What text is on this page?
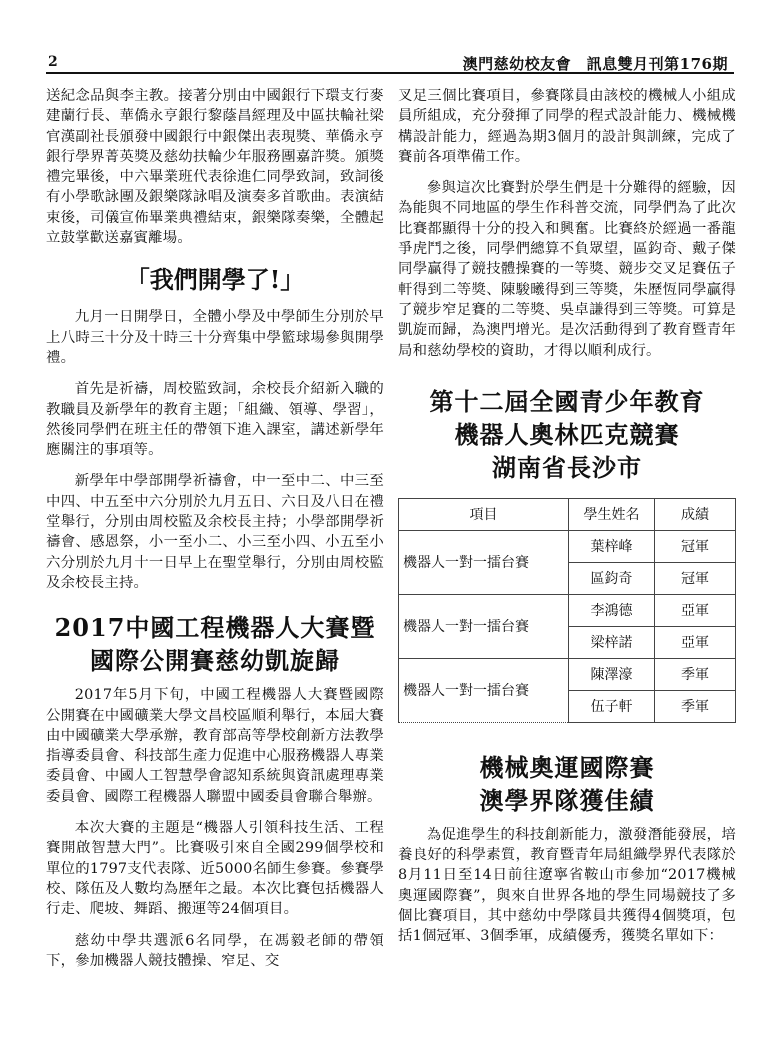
2	澳門慈幼校友會　訊息雙月刊第176期

送紀念品與李主教。接著分別由中國銀行下環支行麥建蘭行長、華僑永亨銀行黎蔭昌經理及中區扶輪社梁官漢副社長頒發中國銀行中銀傑出表現獎、華僑永亨銀行學界菁英獎及慈幼扶輪少年服務團嘉許獎。頒獎禮完畢後，中六畢業班代表徐進仁同學致詞，致詞後有小學歌詠團及銀樂隊詠唱及演奏多首歌曲。表演結束後，司儀宣佈畢業典禮結束，銀樂隊奏樂，全體起立鼓掌歡送嘉賓離場。

「我們開學了!」

九月一日開學日，全體小學及中學師生分別於早上八時三十分及十時三十分齊集中學籃球場參與開學禮。

首先是祈禱，周校監致詞，余校長介紹新入職的教職員及新學年的教育主題；「組織、領導、學習」，然後同學們在班主任的帶領下進入課室，講述新學年應關注的事項等。

新學年中學部開學祈禱會，中一至中二、中三至中四、中五至中六分別於九月五日、六日及八日在禮堂舉行，分別由周校監及余校長主持；小學部開學祈禱會、感恩祭，小一至小二、小三至小四、小五至小六分別於九月十一日早上在聖堂舉行，分別由周校監及余校長主持。

2017中國工程機器人大賽暨
國際公開賽慈幼凱旋歸

2017年5月下旬，中國工程機器人大賽暨國際公開賽在中國礦業大學文昌校區順利舉行，本屆大賽由中國礦業大學承辦，教育部高等學校創新方法教學指導委員會、科技部生產力促進中心服務機器人專業委員會、中國人工智慧學會認知系統與資訊處理專業委員會、國際工程機器人聯盟中國委員會聯合舉辦。

本次大賽的主題是“機器人引領科技生活、工程賽開啟智慧大門”。比賽吸引來自全國299個學校和單位的1797支代表隊、近5000名師生參賽。參賽學校、隊伍及人數均為歷年之最。本次比賽包括機器人行走、爬坡、舞蹈、搬運等24個項目。

慈幼中學共選派6名同學，在馮毅老師的帶領下，參加機器人競技體操、窄足、交

叉足三個比賽項目，參賽隊員由該校的機械人小組成員所組成，充分發揮了同學的程式設計能力、機械機構設計能力，經過為期3個月的設計與訓練，完成了賽前各項準備工作。

參與這次比賽對於學生們是十分難得的經驗，因為能與不同地區的學生作科普交流，同學們為了此次比賽都顯得十分的投入和興奮。比賽終於經過一番龍爭虎鬥之後，同學們總算不負眾望，區鈞奇、戴子傑同學贏得了競技體操賽的一等獎、競步交叉足賽伍子軒得到二等獎、陳駿曦得到三等獎，朱歷恆同學贏得了競步窄足賽的二等獎、吳卓謙得到三等獎。可算是凱旋而歸，為澳門增光。是次活動得到了教育暨青年局和慈幼學校的資助，才得以順利成行。

第十二屆全國青少年教育
機器人奧林匹克競賽
湖南省長沙市
項目	學生姓名	成績
機器人一對一擂台賽	葉梓峰	冠軍
	區鈞奇	冠軍
機器人一對一擂台賽	李鴻德	亞軍
	梁梓諾	亞軍
機器人一對一擂台賽	陳澤濠	季軍
	伍子軒	季軍
機械奧運國際賽
澳學界隊獲佳績

為促進學生的科技創新能力，激發潛能發展，培養良好的科學素質，教育暨青年局組織學界代表隊於8月11日至14日前往遼寧省鞍山市參加“2017機械奧運國際賽”，與來自世界各地的學生同場競技了多個比賽項目，其中慈幼中學隊員共獲得4個獎項，包括1個冠軍、3個季軍，成績優秀，獲獎名單如下：
